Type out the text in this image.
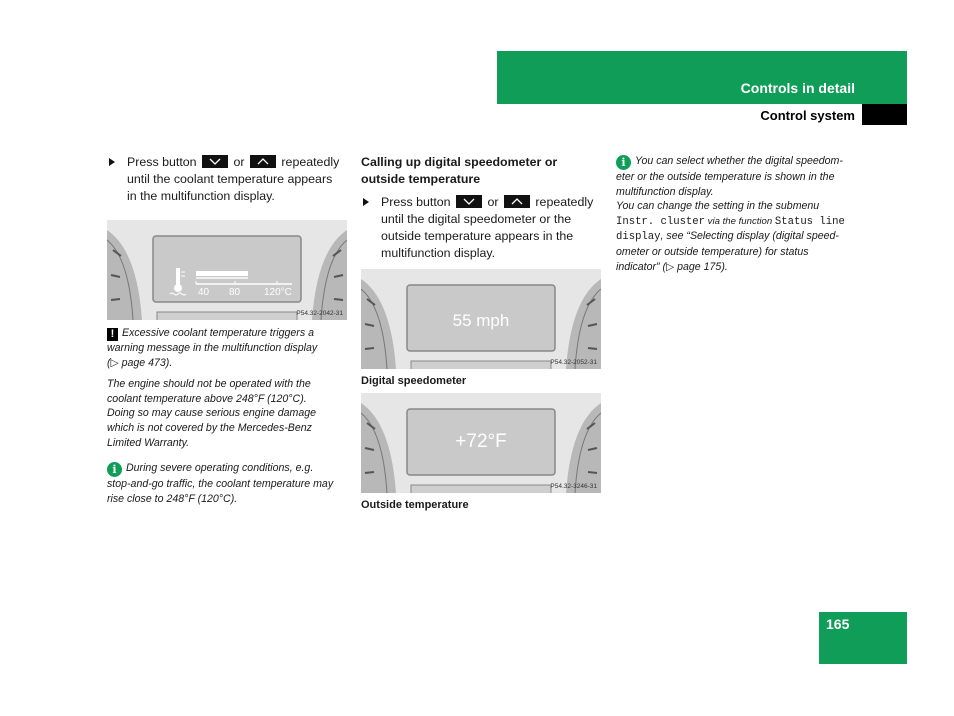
Controls in detail
Control system
165
Press button	or	repeatedly
until the coolant temperature appears
in the multifunction display.
40 80 120°C
P54.32-2042-31
! Excessive coolant temperature triggers a
warning message in the multifunction display
(▷ page 473).
The engine should not be operated with the
coolant temperature above 248°F (120°C).
Doing so may cause serious engine damage
which is not covered by the Mercedes-Benz
Limited Warranty.
i During severe operating conditions, e.g.
stop-and-go traffic, the coolant temperature may
rise close to 248°F (120°C).
Calling up digital speedometer or
outside temperature
Press button	or	repeatedly
until the digital speedometer or the
outside temperature appears in the
multifunction display.
55 mph
P54.32-2052-31
Digital speedometer
+72°F
P54.32-3246-31
Outside temperature
i You can select whether the digital speedom-
eter or the outside temperature is shown in the
multifunction display.
You can change the setting in the submenu
Instr. cluster via the function Status line
display, see “Selecting display (digital speed-
ometer or outside temperature) for status
indicator” (▷ page 175).
